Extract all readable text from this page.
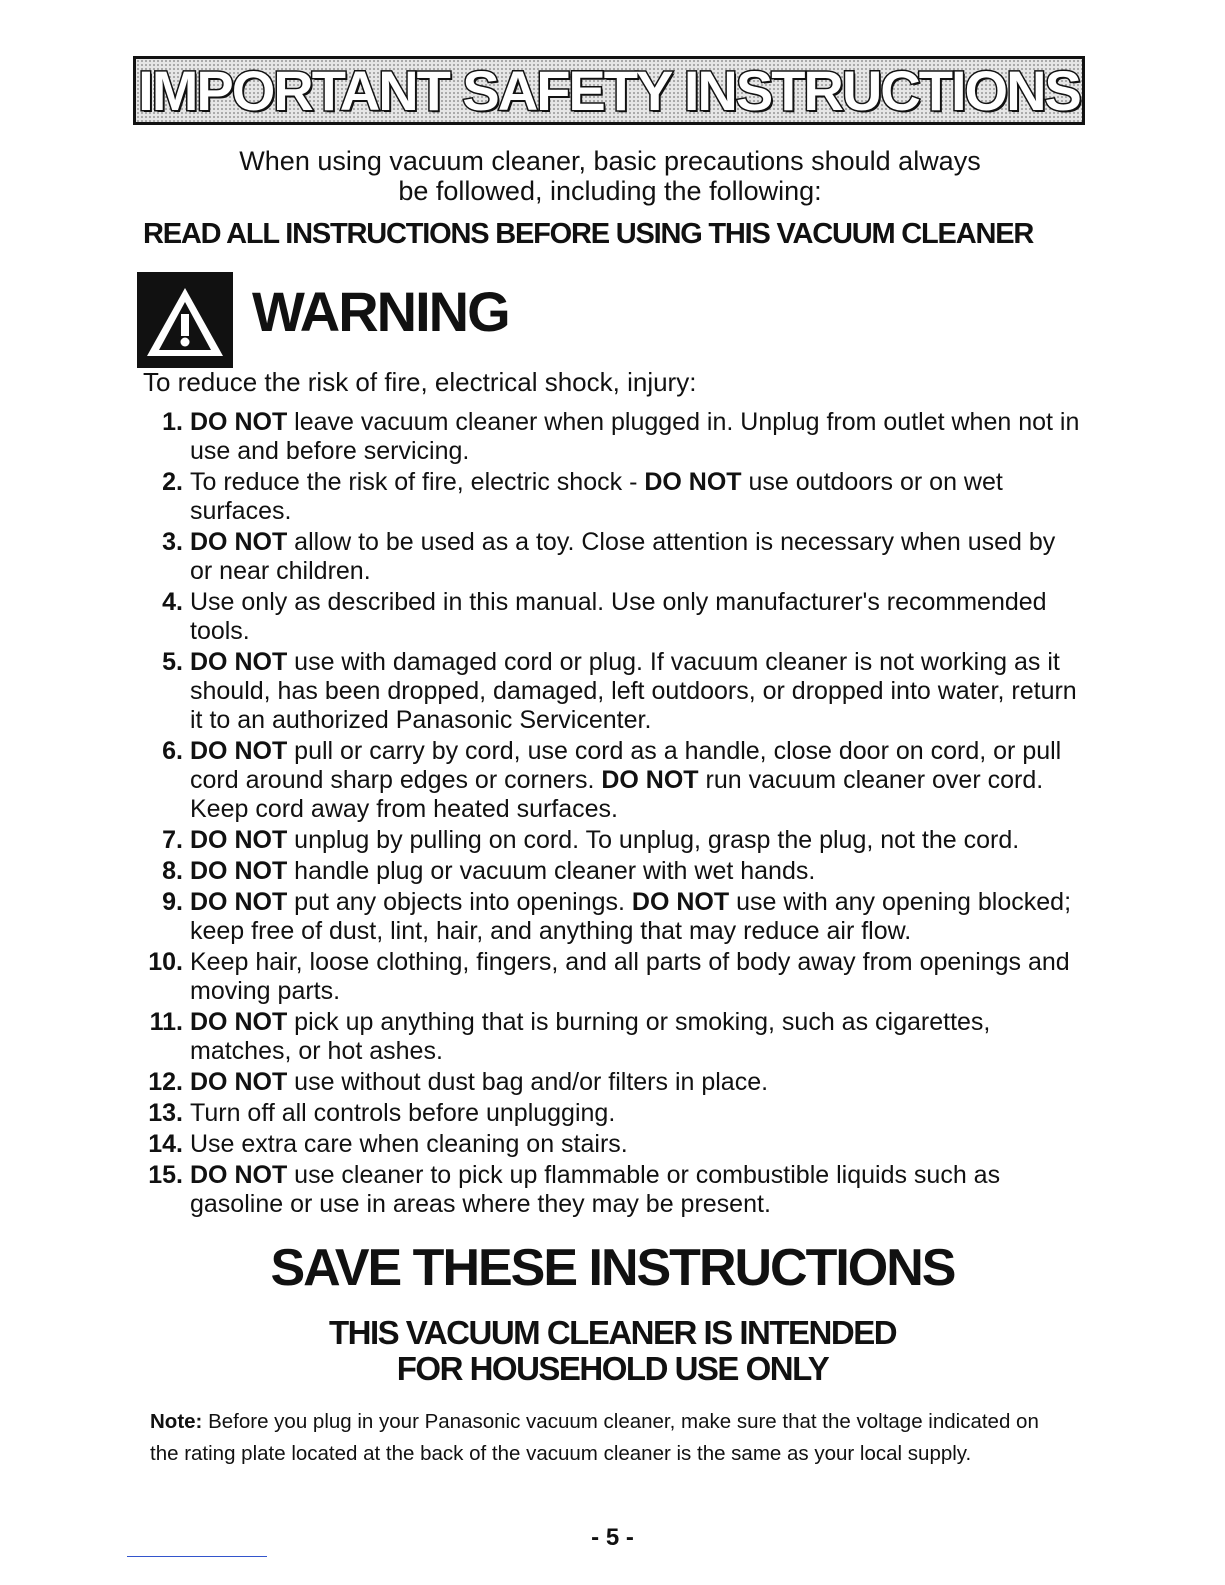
IMPORTANT SAFETY INSTRUCTIONS
When using vacuum cleaner, basic precautions should always
be followed, including the following:
READ ALL INSTRUCTIONS BEFORE USING THIS VACUUM CLEANER
WARNING
To reduce the risk of fire, electrical shock, injury:
1. DO NOT leave vacuum cleaner when plugged in. Unplug from outlet when not in use and before servicing.
2. To reduce the risk of fire, electric shock - DO NOT use outdoors or on wet surfaces.
3. DO NOT allow to be used as a toy. Close attention is necessary when used by or near children.
4. Use only as described in this manual. Use only manufacturer's recommended tools.
5. DO NOT use with damaged cord or plug. If vacuum cleaner is not working as it should, has been dropped, damaged, left outdoors, or dropped into water, return it to an authorized Panasonic Servicenter.
6. DO NOT pull or carry by cord, use cord as a handle, close door on cord, or pull cord around sharp edges or corners. DO NOT run vacuum cleaner over cord. Keep cord away from heated surfaces.
7. DO NOT unplug by pulling on cord. To unplug, grasp the plug, not the cord.
8. DO NOT handle plug or vacuum cleaner with wet hands.
9. DO NOT put any objects into openings. DO NOT use with any opening blocked; keep free of dust, lint, hair, and anything that may reduce air flow.
10. Keep hair, loose clothing, fingers, and all parts of body away from openings and moving parts.
11. DO NOT pick up anything that is burning or smoking, such as cigarettes, matches, or hot ashes.
12. DO NOT use without dust bag and/or filters in place.
13. Turn off all controls before unplugging.
14. Use extra care when cleaning on stairs.
15. DO NOT use cleaner to pick up flammable or combustible liquids such as gasoline or use in areas where they may be present.
SAVE THESE INSTRUCTIONS
THIS VACUUM CLEANER IS INTENDED
FOR HOUSEHOLD USE ONLY
Note: Before you plug in your Panasonic vacuum cleaner, make sure that the voltage indicated on the rating plate located at the back of the vacuum cleaner is the same as your local supply.
- 5 -
